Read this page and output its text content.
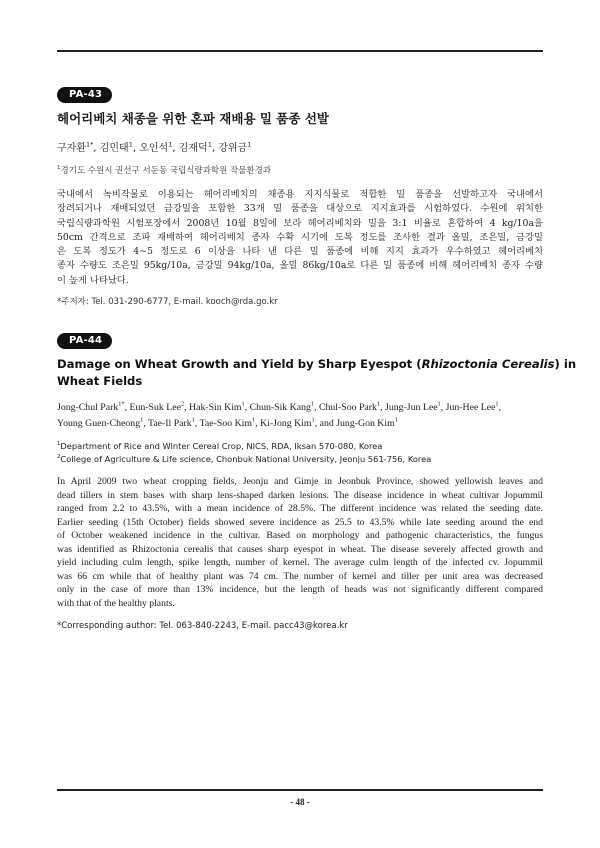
PA-43
헤어리베치 채종을 위한 혼파 재배용 밀 품종 선발
구자환$^{1*}$, 김민태$^1$, 오인석$^1$, 김재덕$^1$, 강위금$^1$
$^1$경기도 수원시 권선구 서둔동 국립식량과학원 작물환경과
국내에서 녹비작물로 이용되는 헤어리베치의 채종용 지지식물로 적합한 밀 품종을 선발하고자 국내에서
장려되거나 재배되었던 금강밀을 포함한 33개 밀 품종을 대상으로 지지효과를 시험하였다. 수원에 위치한
국립식량과학원 시험포장에서 2008년 10월 8일에 보라 헤어리베치와 밀을 3:1 비율로 혼합하여 4 kg/10a을
50cm 간격으로 조파 재배하여 헤어리베치 종자 수확 시기에 도복 정도를 조사한 결과 올밀, 조은밀, 금강밀
은 도복 정도가 4∼5 정도로 6 이상을 나타 낸 다른 밀 품종에 비해 지지 효과가 우수하였고 헤어리베치
종자 수량도 조은밀 95kg/10a, 금강밀 94kg/10a, 올밀 86kg/10a로 다른 밀 품종에 비해 헤어리베치 종자 수량
이 높게 나타났다.
*주저자: Tel. 031-290-6777, E-mail. kooch@rda.go.kr
PA-44
Damage on Wheat Growth and Yield by Sharp Eyespot (Rhizoctonia Cerealis) in
Wheat Fields
Jong-Chul Park$^{1*}$, Eun-Suk Lee$^2$, Hak-Sin Kim$^1$, Chun-Sik Kang$^1$, Chul-Soo Park$^1$, Jung-Jun Lee$^1$, Jun-Hee Lee$^1$,
Young Guen-Cheong$^1$, Tae-Il Park$^1$, Tae-Soo Kim$^1$, Ki-Jong Kim$^1$, and Jung-Gon Kim$^1$
$^1$Department of Rice and Winter Cereal Crop, NICS, RDA, Iksan 570-080, Korea
$^2$College of Agriculture & Life science, Chonbuk National University, Jeonju 561-756, Korea
In April 2009 two wheat cropping fields, Jeonju and Gimje in Jeonbuk Province, showed yellowish leaves and
dead tillers in stem bases with sharp lens-shaped darken lesions. The disease incidence in wheat cultivar Jopummil
ranged from 2.2 to 43.5%, with a mean incidence of 28.5%. The different incidence was related the seeding date.
Earlier seeding (15th October) fields showed severe incidence as 25.5 to 43.5% while late seeding around the end
of October weakened incidence in the cultivar. Based on morphology and pathogenic characteristics, the fungus
was identified as Rhizoctonia cerealis that causes sharp eyespot in wheat. The disease severely affected growth and
yield including culm length, spike length, number of kernel. The average culm length of the infected cv. Jopummil
was 66 cm while that of healthy plant was 74 cm. The number of kernel and tiller per unit area was decreased
only in the case of more than 13% incidence, but the length of heads was not significantly different compared
with that of the healthy plants.
*Corresponding author: Tel. 063-840-2243, E-mail. pacc43@korea.kr
- 48 -
